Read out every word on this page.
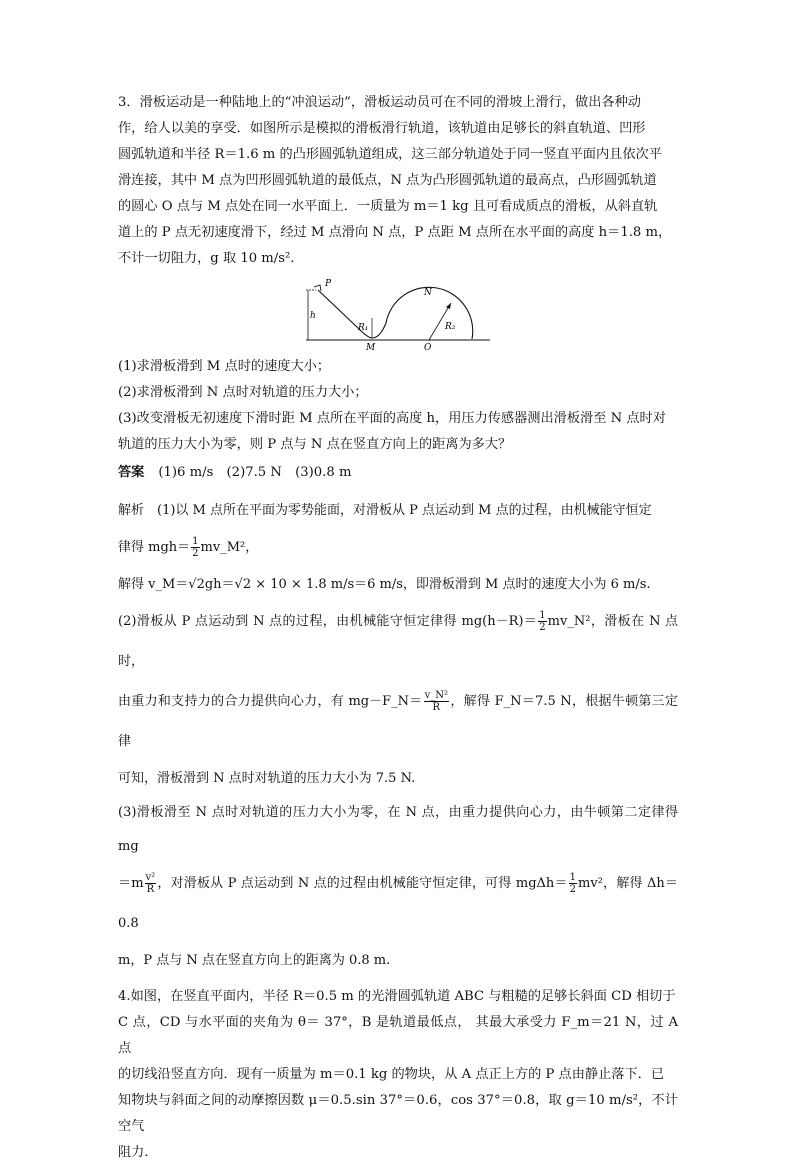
3．滑板运动是一种陆地上的“冲浪运动”，滑板运动员可在不同的滑坡上滑行，做出各种动

作，给人以美的享受．如图所示是模拟的滑板滑行轨道，该轨道由足够长的斜直轨道、凹形

圆弧轨道和半径 R＝1.6 m 的凸形圆弧轨道组成，这三部分轨道处于同一竖直平面内且依次平

滑连接，其中 M 点为凹形圆弧轨道的最低点，N 点为凸形圆弧轨道的最高点，凸形圆弧轨道

的圆心 O 点与 M 点处在同一水平面上．一质量为 m＝1 kg 且可看成质点的滑板，从斜直轨

道上的 P 点无初速度滑下，经过 M 点滑向 N 点，P 点距 M 点所在水平面的高度 h＝1.8 m，

不计一切阻力，g 取 10 m/s².

P
N
h
R₁	R₂
M	O

(1)求滑板滑到 M 点时的速度大小；

(2)求滑板滑到 N 点时对轨道的压力大小；

(3)改变滑板无初速度下滑时距 M 点所在平面的高度 h，用压力传感器测出滑板滑至 N 点时对

轨道的压力大小为零，则 P 点与 N 点在竖直方向上的距离为多大？

答案 (1)6 m/s　(2)7.5 N　(3)0.8 m

解析　(1)以 M 点所在平面为零势能面，对滑板从 P 点运动到 M 点的过程，由机械能守恒定

律得 $mgh= \frac{1}{2}$ mv_M²，

解得 v_M＝√2gh＝√2 × 10 × 1.8 m/s＝6 m/s，即滑板滑到 M 点时的速度大小为 6 m/s.

(2)滑板从 P 点运动到 N 点的过程，由机械能守恒定律得 $mg(h-R)= \frac{1}{2}$ mv_N²，滑板在 N 点时，

由重力和支持力的合力提供向心力，有 mg－F_N＝ $\frac{\text{v\_N²}}{R}$ ，解得 F_N＝7.5 N，根据牛顿第三定律

可知，滑板滑到 N 点时对轨道的压力大小为 7.5 N.

(3)滑板滑至 N 点时对轨道的压力大小为零，在 N 点，由重力提供向心力，由牛顿第二定律得 mg

$=m \frac{\text{v²}}{R}$ ，对滑板从 P 点运动到 N 点的过程由机械能守恒定律，可得 $mg\Delta h= \frac{1}{2} mv^2$，解得 Δh＝0.8

m，P 点与 N 点在竖直方向上的距离为 0.8 m.

4.如图，在竖直平面内，半径 R＝0.5 m 的光滑圆弧轨道 ABC 与粗糙的足够长斜面 CD 相切于

C 点，CD 与水平面的夹角为 θ＝ 37°，B 是轨道最低点， 其最大承受力 F_m＝21 N，过 A 点

的切线沿竖直方向．现有一质量为 m＝0.1 kg 的物块，从 A 点正上方的 P 点由静止落下．已

知物块与斜面之间的动摩擦因数 μ＝0.5.sin 37°＝0.6，cos 37°＝0.8，取 g＝10 m/s²，不计空气

阻力．
